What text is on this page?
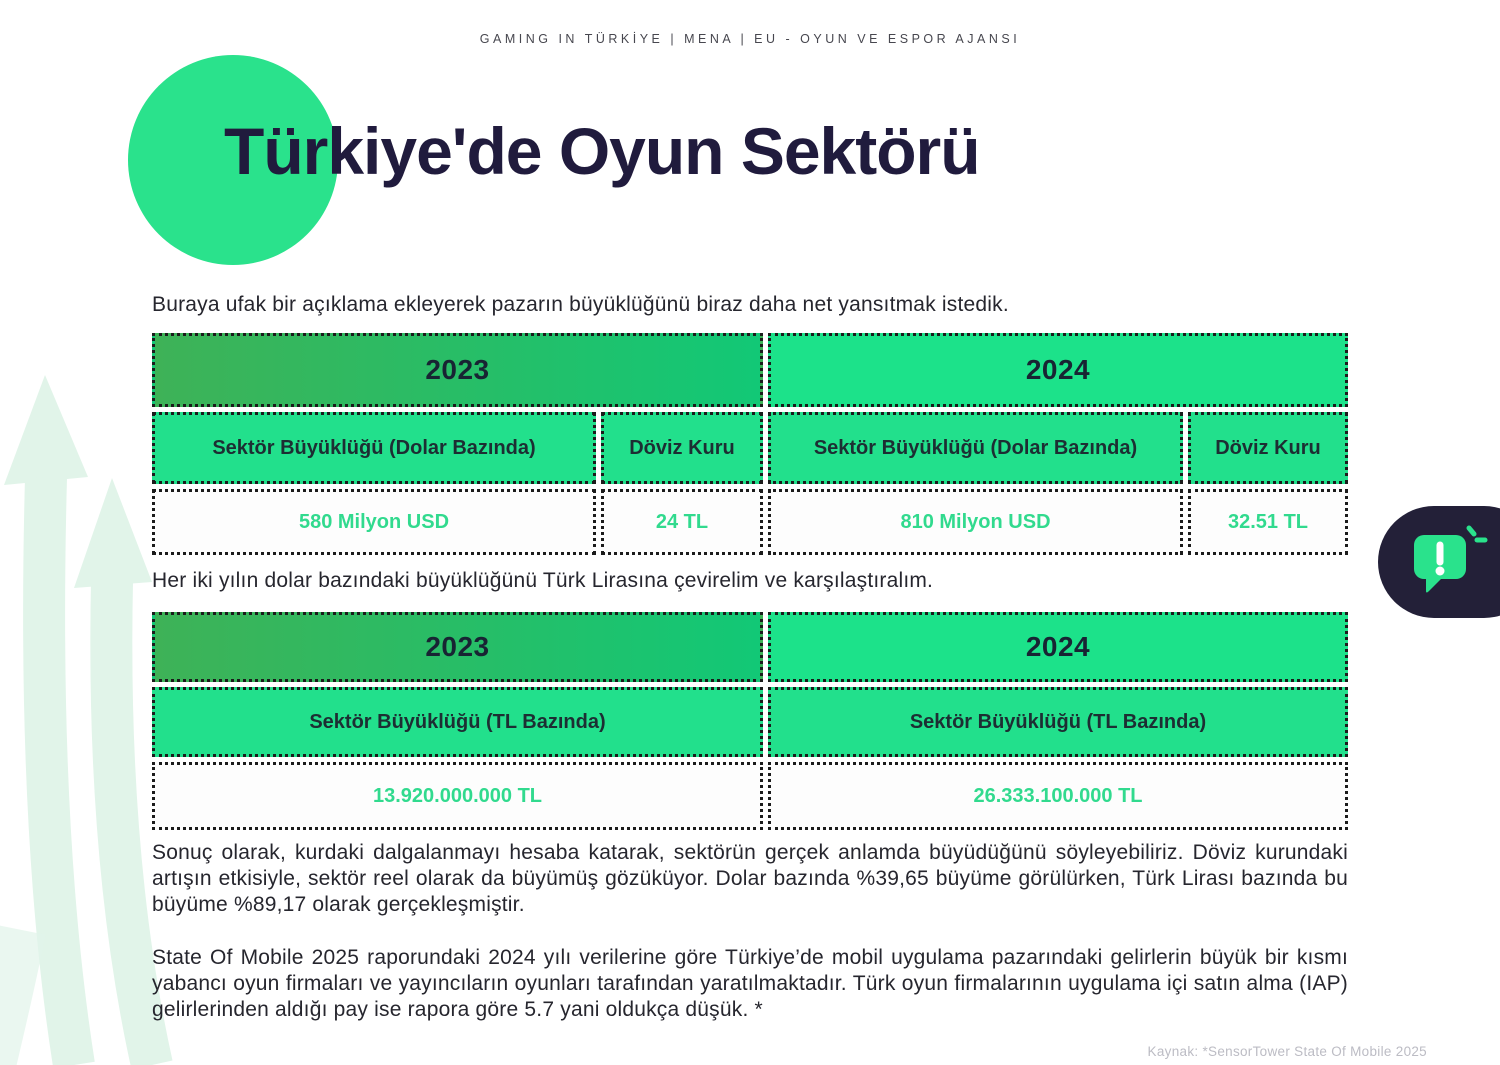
GAMING IN TÜRKİYE | MENA | EU - OYUN VE ESPOR AJANSI
Türkiye'de Oyun Sektörü

Buraya ufak bir açıklama ekleyerek pazarın büyüklüğünü biraz daha net yansıtmak istedik.

2023	2024
Sektör Büyüklüğü (Dolar Bazında)	Döviz Kuru	Sektör Büyüklüğü (Dolar Bazında)	Döviz Kuru
580 Milyon USD	24 TL	810 Milyon USD	32.51 TL

Her iki yılın dolar bazındaki büyüklüğünü Türk Lirasına çevirelim ve karşılaştıralım.

2023	2024
Sektör Büyüklüğü (TL Bazında)	Sektör Büyüklüğü (TL Bazında)
13.920.000.000 TL	26.333.100.000 TL

Sonuç olarak, kurdaki dalgalanmayı hesaba katarak, sektörün gerçek anlamda büyüdüğünü söyleyebiliriz. Döviz kurundaki artışın etkisiyle, sektör reel olarak da büyümüş gözüküyor. Dolar bazında %39,65 büyüme görülürken, Türk Lirası bazında bu büyüme %89,17 olarak gerçekleşmiştir.

State Of Mobile 2025 raporundaki 2024 yılı verilerine göre Türkiye’de mobil uygulama pazarındaki gelirlerin büyük bir kısmı yabancı oyun firmaları ve yayıncıların oyunları tarafından yaratılmaktadır. Türk oyun firmalarının uygulama içi satın alma (IAP) gelirlerinden aldığı pay ise rapora göre 5.7 yani oldukça düşük. *

Kaynak: *SensorTower State Of Mobile 2025
